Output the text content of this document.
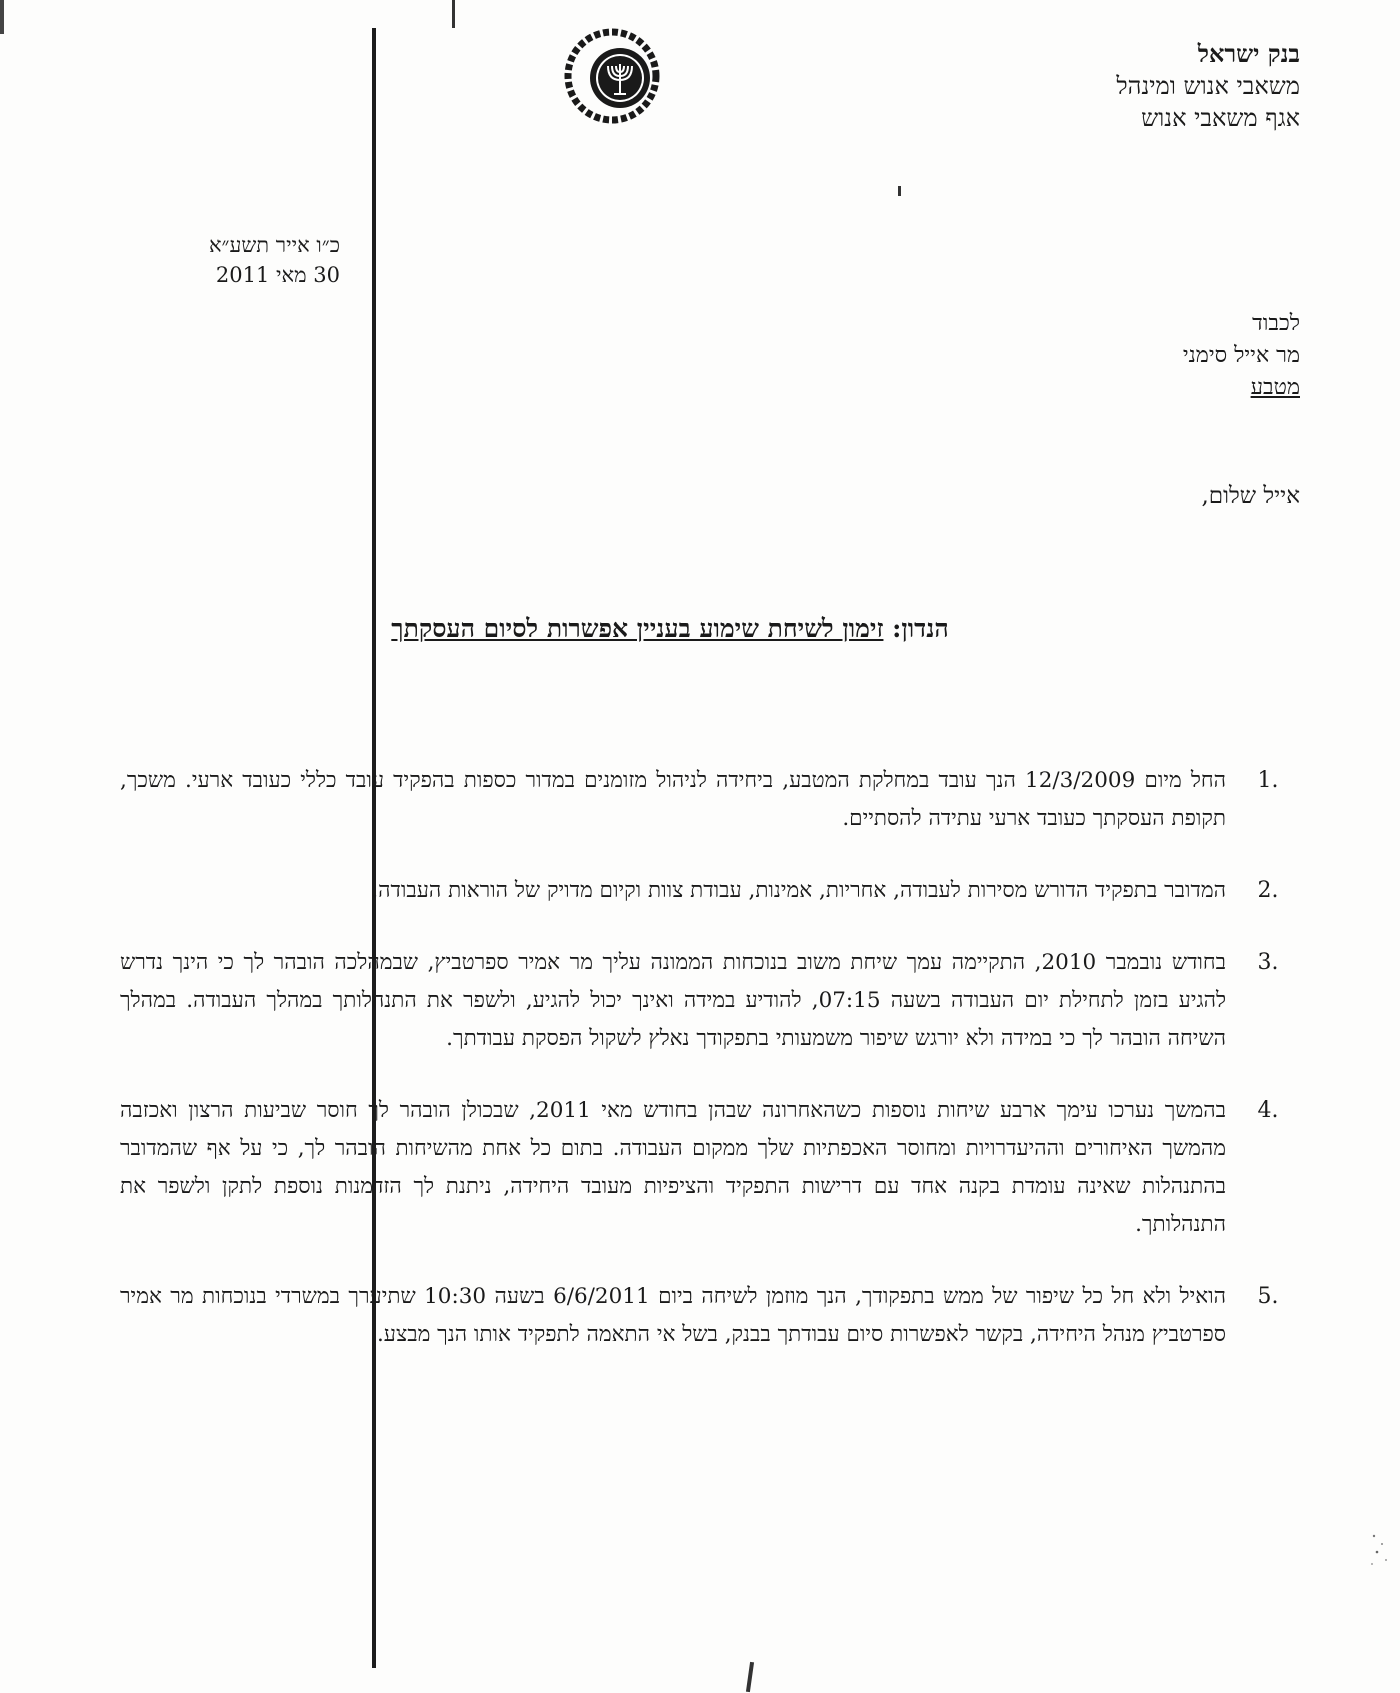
בנק ישראל
משאבי אנוש ומינהל
אגף משאבי אנוש
כ״ו אייר תשע״א
30 מאי 2011
לכבוד
מר אייל סימני
מטבע
אייל שלום,
הנדון: זימון לשיחת שימוע בעניין אפשרות לסיום העסקתך
.1
החל מיום 12/3/2009 הנך עובד במחלקת המטבע, ביחידה לניהול מזומנים במדור כספות בהפקיד עובד כללי כעובד ארעי. משכך, תקופת העסקתך כעובד ארעי עתידה להסתיים.
.2
המדובר בתפקיד הדורש מסירות לעבודה, אחריות, אמינות, עבודת צוות וקיום מדויק של הוראות העבודה.
.3
בחודש נובמבר 2010, התקיימה עמך שיחת משוב בנוכחות הממונה עליך מר אמיר ספרטביץ, שבמהלכה הובהר לך כי הינך נדרש להגיע בזמן לתחילת יום העבודה בשעה 07:15, להודיע במידה ואינך יכול להגיע, ולשפר את התנהלותך במהלך העבודה. במהלך השיחה הובהר לך כי במידה ולא יורגש שיפור משמעותי בתפקודך נאלץ לשקול הפסקת עבודתך.
.4
בהמשך נערכו עימך ארבע שיחות נוספות כשהאחרונה שבהן בחודש מאי 2011, שבכולן הובהר לך חוסר שביעות הרצון ואכזבה מהמשך האיחורים וההיעדרויות ומחוסר האכפתיות שלך ממקום העבודה. בתום כל אחת מהשיחות הובהר לך, כי על אף שהמדובר בהתנהלות שאינה עומדת בקנה אחד עם דרישות התפקיד והציפיות מעובד היחידה, ניתנת לך הזדמנות נוספת לתקן ולשפר את התנהלותך.
.5
הואיל ולא חל כל שיפור של ממש בתפקודך, הנך מוזמן לשיחה ביום 6/6/2011 בשעה 10:30 שתיערך במשרדי בנוכחות מר אמיר ספרטביץ מנהל היחידה, בקשר לאפשרות סיום עבודתך בבנק, בשל אי התאמה לתפקיד אותו הנך מבצע.
